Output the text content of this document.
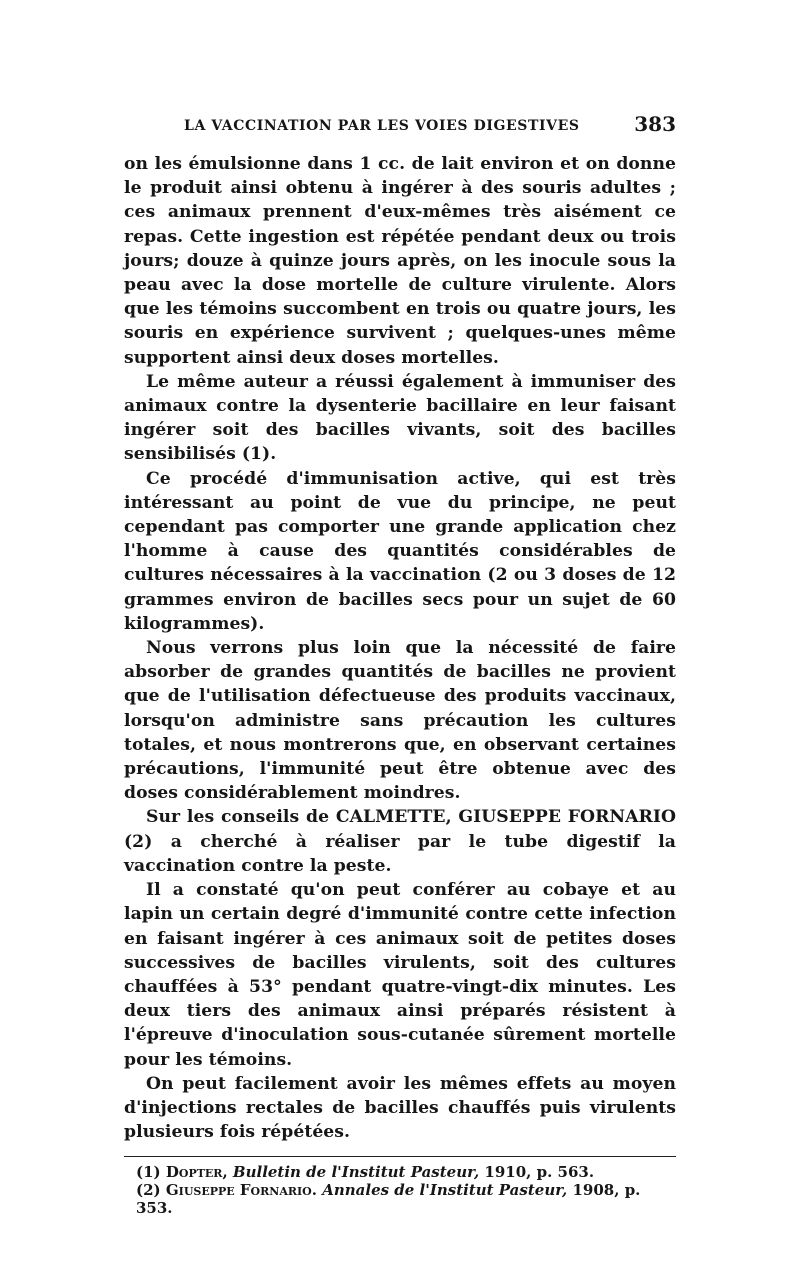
LA VACCINATION PAR LES VOIES DIGESTIVES	383

on les émulsionne dans 1 cc. de lait environ et on donne le produit ainsi obtenu à ingérer à des souris adultes ; ces animaux prennent d'eux-mêmes très aisément ce repas. Cette ingestion est répétée pendant deux ou trois jours; douze à quinze jours après, on les inocule sous la peau avec la dose mortelle de culture virulente. Alors que les témoins succombent en trois ou quatre jours, les souris en expérience survivent ; quelques-unes même supportent ainsi deux doses mortelles.

Le même auteur a réussi également à immuniser des animaux contre la dysenterie bacillaire en leur faisant ingérer soit des bacilles vivants, soit des bacilles sensibilisés (1).

Ce procédé d'immunisation active, qui est très intéressant au point de vue du principe, ne peut cependant pas comporter une grande application chez l'homme à cause des quantités considérables de cultures nécessaires à la vaccination (2 ou 3 doses de 12 grammes environ de bacilles secs pour un sujet de 60 kilogrammes).

Nous verrons plus loin que la nécessité de faire absorber de grandes quantités de bacilles ne provient que de l'utilisation défectueuse des produits vaccinaux, lorsqu'on administre sans précaution les cultures totales, et nous montrerons que, en observant certaines précautions, l'immunité peut être obtenue avec des doses considérablement moindres.

Sur les conseils de CALMETTE, GIUSEPPE FORNARIO (2) a cherché à réaliser par le tube digestif la vaccination contre la peste.

Il a constaté qu'on peut conférer au cobaye et au lapin un certain degré d'immunité contre cette infection en faisant ingérer à ces animaux soit de petites doses successives de bacilles virulents, soit des cultures chauffées à 53° pendant quatre-vingt-dix minutes. Les deux tiers des animaux ainsi préparés résistent à l'épreuve d'inoculation sous-cutanée sûrement mortelle pour les témoins.

On peut facilement avoir les mêmes effets au moyen d'injections rectales de bacilles chauffés puis virulents plusieurs fois répétées.

(1) Dopter, Bulletin de l'Institut Pasteur, 1910, p. 563.

(2) Giuseppe Fornario. Annales de l'Institut Pasteur, 1908, p. 353.
